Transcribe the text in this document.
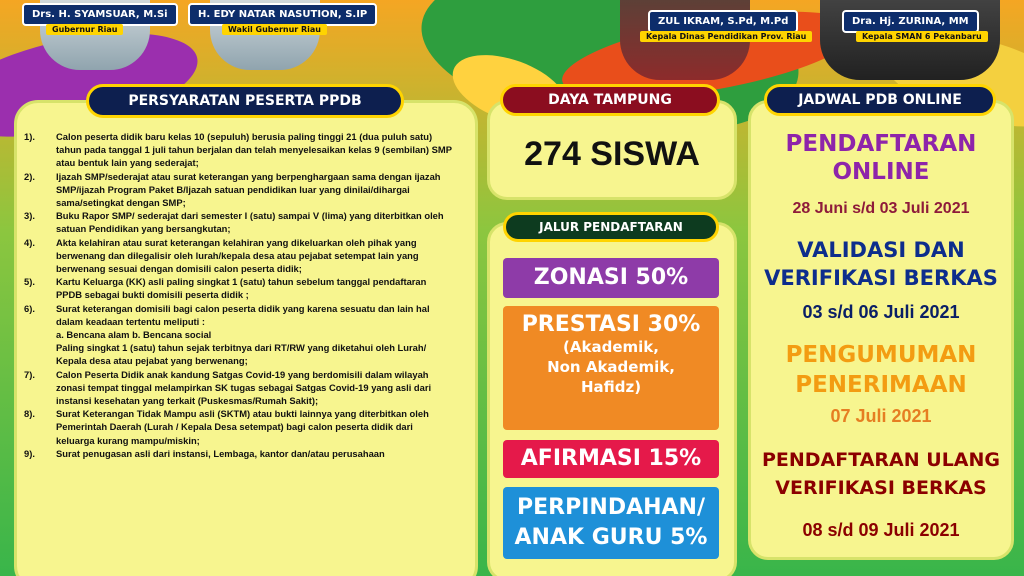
Drs. H. SYAMSUAR, M.Si
Gubernur Riau
H. EDY NATAR NASUTION, S.IP
Wakil Gubernur Riau
ZUL IKRAM, S.Pd, M.Pd
Kepala Dinas Pendidikan Prov. Riau
Dra. Hj. ZURINA, MM
Kepala SMAN 6 Pekanbaru
PERSYARATAN PESERTA PPDB
1).	Calon peserta didik baru kelas 10 (sepuluh) berusia paling tinggi 21 (dua puluh satu) tahun pada tanggal 1 juli tahun berjalan dan telah menyelesaikan kelas 9 (sembilan) SMP atau bentuk lain yang sederajat;
2).	Ijazah SMP/sederajat atau surat keterangan yang berpenghargaan sama dengan ijazah SMP/ijazah Program Paket B/Ijazah satuan pendidikan luar yang dinilai/dihargai sama/setingkat dengan SMP;
3).	Buku Rapor SMP/ sederajat dari semester I (satu) sampai V (lima) yang diterbitkan oleh satuan Pendidikan yang bersangkutan;
4).	Akta kelahiran atau surat keterangan kelahiran yang dikeluarkan oleh pihak yang berwenang dan dilegalisir oleh lurah/kepala desa atau pejabat setempat lain yang berwenang sesuai dengan domisili calon peserta didik;
5).	Kartu Keluarga (KK) asli paling singkat 1 (satu) tahun sebelum tanggal pendaftaran PPDB sebagai bukti domisili peserta didik ;
6).	Surat keterangan domisili bagi calon peserta didik yang karena sesuatu dan lain hal dalam keadaan tertentu meliputi :
a. Bencana alam b. Bencana social
Paling singkat 1 (satu) tahun sejak terbitnya dari RT/RW yang diketahui oleh Lurah/ Kepala desa atau pejabat yang berwenang;
7).	Calon Peserta Didik anak kandung Satgas Covid-19 yang berdomisili dalam wilayah zonasi tempat tinggal melampirkan SK tugas sebagai Satgas Covid-19 yang asli dari instansi kesehatan yang terkait (Puskesmas/Rumah Sakit);
8).	Surat Keterangan Tidak Mampu asli (SKTM) atau bukti lainnya yang diterbitkan oleh Pemerintah Daerah (Lurah / Kepala Desa setempat) bagi calon peserta didik dari keluarga kurang mampu/miskin;
9).	Surat penugasan asli dari instansi, Lembaga, kantor dan/atau perusahaan
DAYA TAMPUNG
274 SISWA
JALUR PENDAFTARAN
ZONASI 50%
PRESTASI 30%
(Akademik,
Non Akademik,
Hafidz)
AFIRMASI 15%
PERPINDAHAN/
ANAK GURU 5%
JADWAL PDB ONLINE
PENDAFTARAN
ONLINE
28 Juni s/d 03 Juli 2021
VALIDASI DAN
VERIFIKASI BERKAS
03 s/d 06 Juli 2021
PENGUMUMAN
PENERIMAAN
07 Juli 2021
PENDAFTARAN ULANG
VERIFIKASI BERKAS
08 s/d 09 Juli 2021
